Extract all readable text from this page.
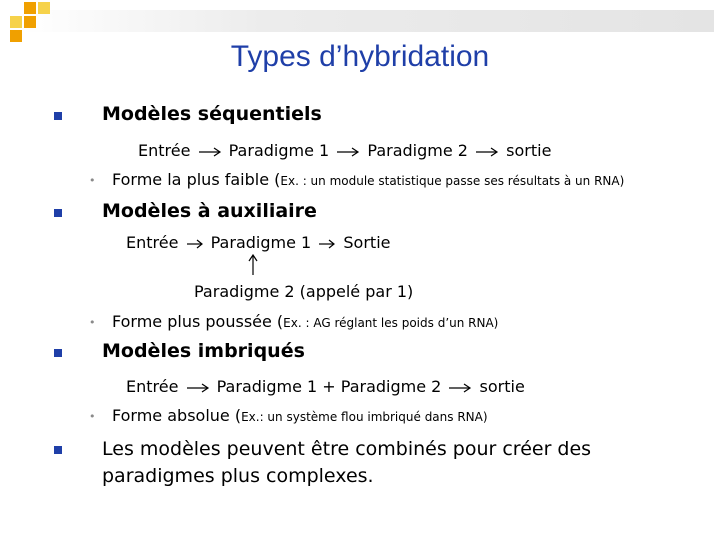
Types d’hybridation
Modèles séquentiels
Entrée Paradigme 1 Paradigme 2 sortie
• Forme la plus faible (Ex. : un module statistique passe ses résultats à un RNA)
Modèles à auxiliaire
Entrée Paradigme 1 Sortie
Paradigme 2 (appelé par 1)
• Forme plus poussée (Ex. : AG réglant les poids d’un RNA)
Modèles imbriqués
Entrée Paradigme 1 + Paradigme 2 sortie
• Forme absolue (Ex.: un système flou imbriqué dans RNA)
Les modèles peuvent être combinés pour créer des
paradigmes plus complexes.
